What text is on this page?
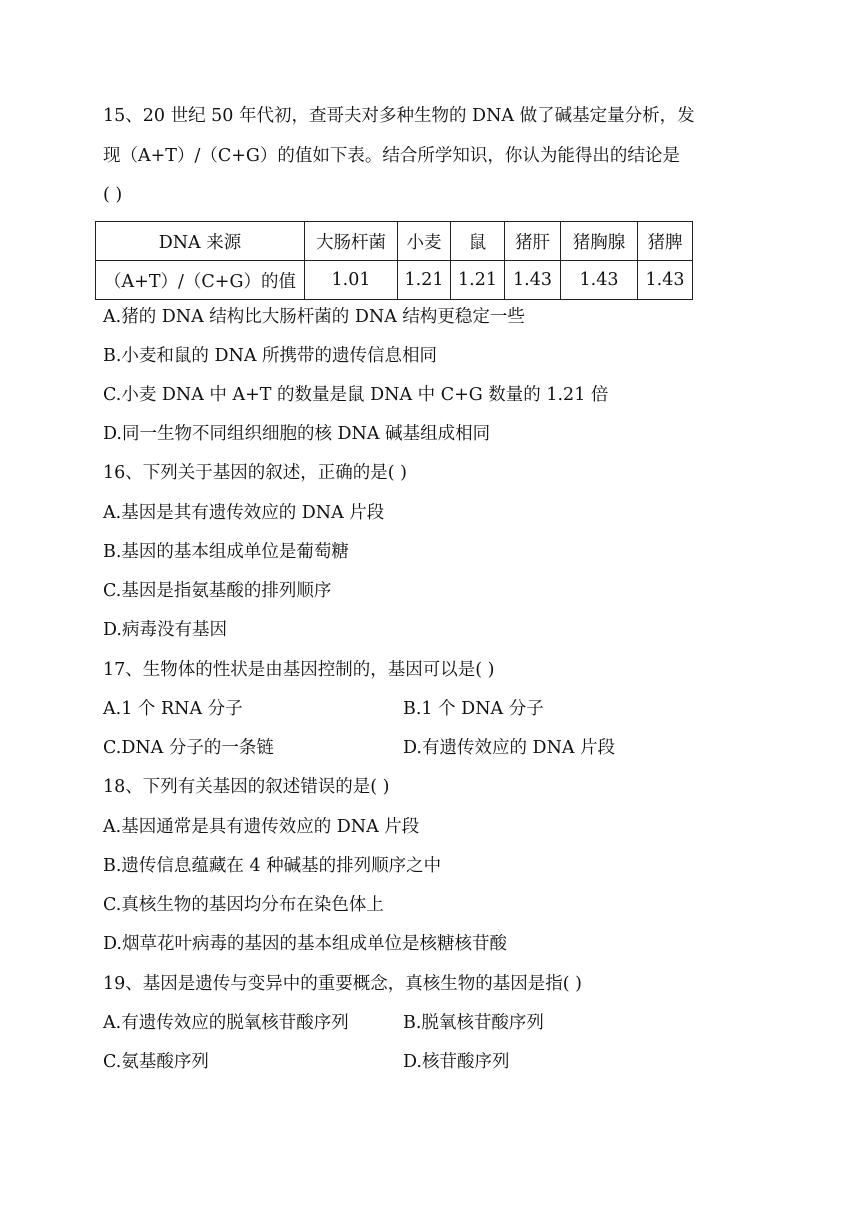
15、20 世纪 50 年代初，查哥夫对多种生物的 DNA 做了碱基定量分析，发
现（A+T）/（C+G）的值如下表。结合所学知识，你认为能得出的结论是
( )
DNA 来源	大肠杆菌	小麦	鼠	猪肝	猪胸腺	猪脾
（A+T）/（C+G）的值	1.01	1.21	1.21	1.43	1.43	1.43
A.猪的 DNA 结构比大肠杆菌的 DNA 结构更稳定一些
B.小麦和鼠的 DNA 所携带的遗传信息相同
C.小麦 DNA 中 A+T 的数量是鼠 DNA 中 C+G 数量的 1.21 倍
D.同一生物不同组织细胞的核 DNA 碱基组成相同
16、下列关于基因的叙述，正确的是( )
A.基因是其有遗传效应的 DNA 片段
B.基因的基本组成单位是葡萄糖
C.基因是指氨基酸的排列顺序
D.病毒没有基因
17、生物体的性状是由基因控制的，基因可以是( )
A.1 个 RNA 分子	B.1 个 DNA 分子
C.DNA 分子的一条链	D.有遗传效应的 DNA 片段
18、下列有关基因的叙述错误的是( )
A.基因通常是具有遗传效应的 DNA 片段
B.遗传信息蕴藏在 4 种碱基的排列顺序之中
C.真核生物的基因均分布在染色体上
D.烟草花叶病毒的基因的基本组成单位是核糖核苷酸
19、基因是遗传与变异中的重要概念，真核生物的基因是指( )
A.有遗传效应的脱氧核苷酸序列	B.脱氧核苷酸序列
C.氨基酸序列	D.核苷酸序列
